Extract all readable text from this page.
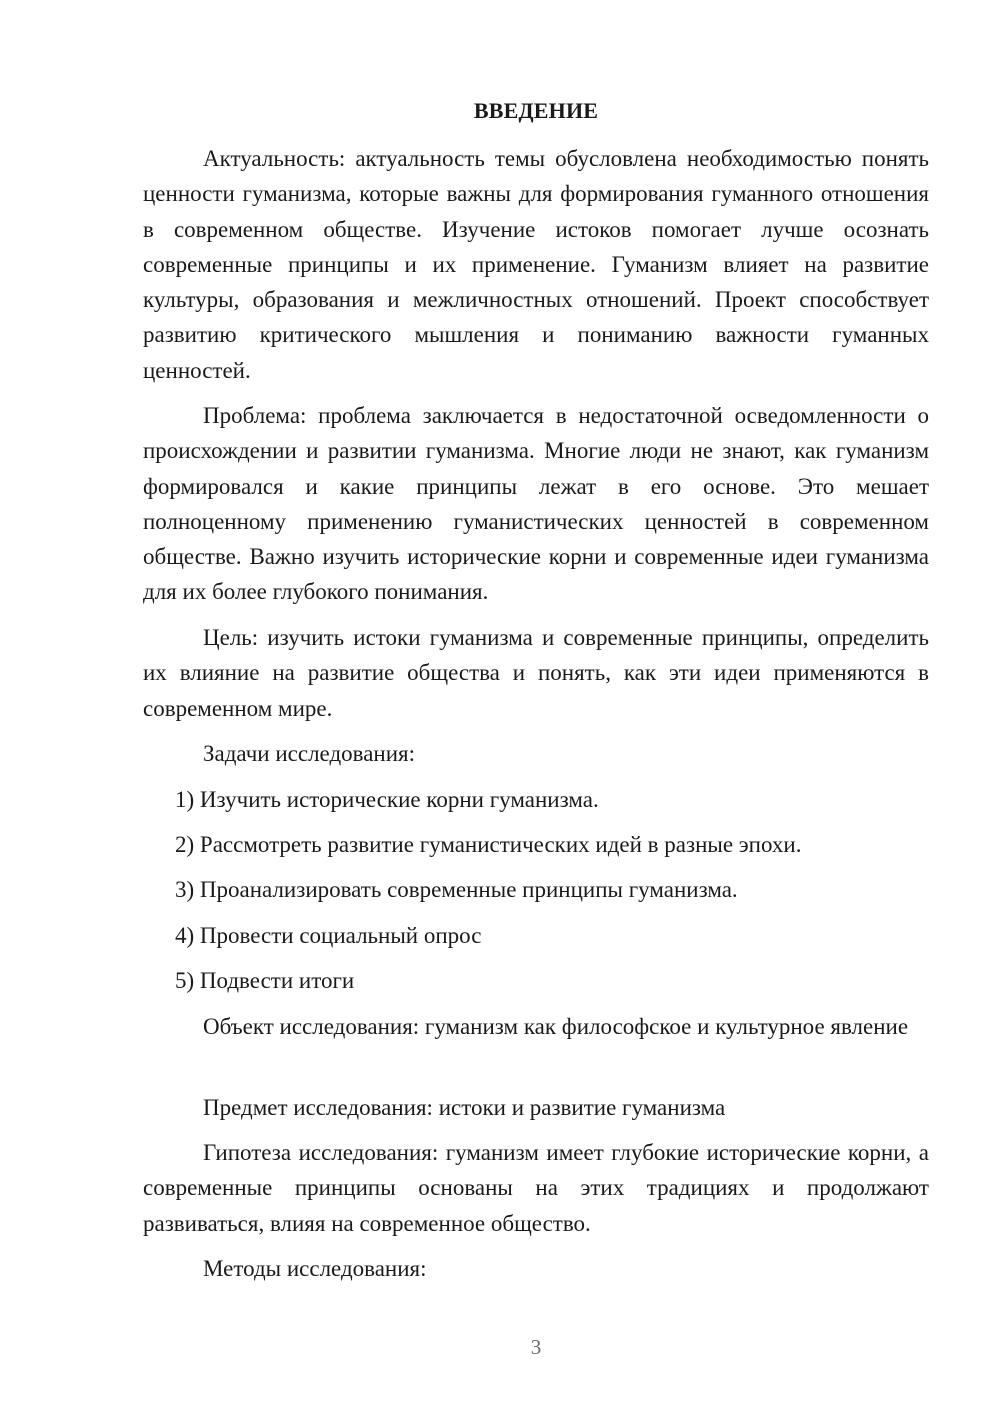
ВВЕДЕНИЕ
Актуальность: актуальность темы обусловлена необходимостью понять ценности гуманизма, которые важны для формирования гуманного отношения в современном обществе. Изучение истоков помогает лучше осознать современные принципы и их применение. Гуманизм влияет на развитие культуры, образования и межличностных отношений. Проект способствует развитию критического мышления и пониманию важности гуманных ценностей.
Проблема: проблема заключается в недостаточной осведомленности о происхождении и развитии гуманизма. Многие люди не знают, как гуманизм формировался и какие принципы лежат в его основе. Это мешает полноценному применению гуманистических ценностей в современном обществе. Важно изучить исторические корни и современные идеи гуманизма для их более глубокого понимания.
Цель: изучить истоки гуманизма и современные принципы, определить их влияние на развитие общества и понять, как эти идеи применяются в современном мире.
Задачи исследования:
1) Изучить исторические корни гуманизма.
2) Рассмотреть развитие гуманистических идей в разные эпохи.
3) Проанализировать современные принципы гуманизма.
4) Провести социальный опрос
5) Подвести итоги
Объект исследования: гуманизм как философское и культурное явление
Предмет исследования: истоки и развитие гуманизма
Гипотеза исследования: гуманизм имеет глубокие исторические корни, а современные принципы основаны на этих традициях и продолжают развиваться, влияя на современное общество.
Методы исследования:
3
